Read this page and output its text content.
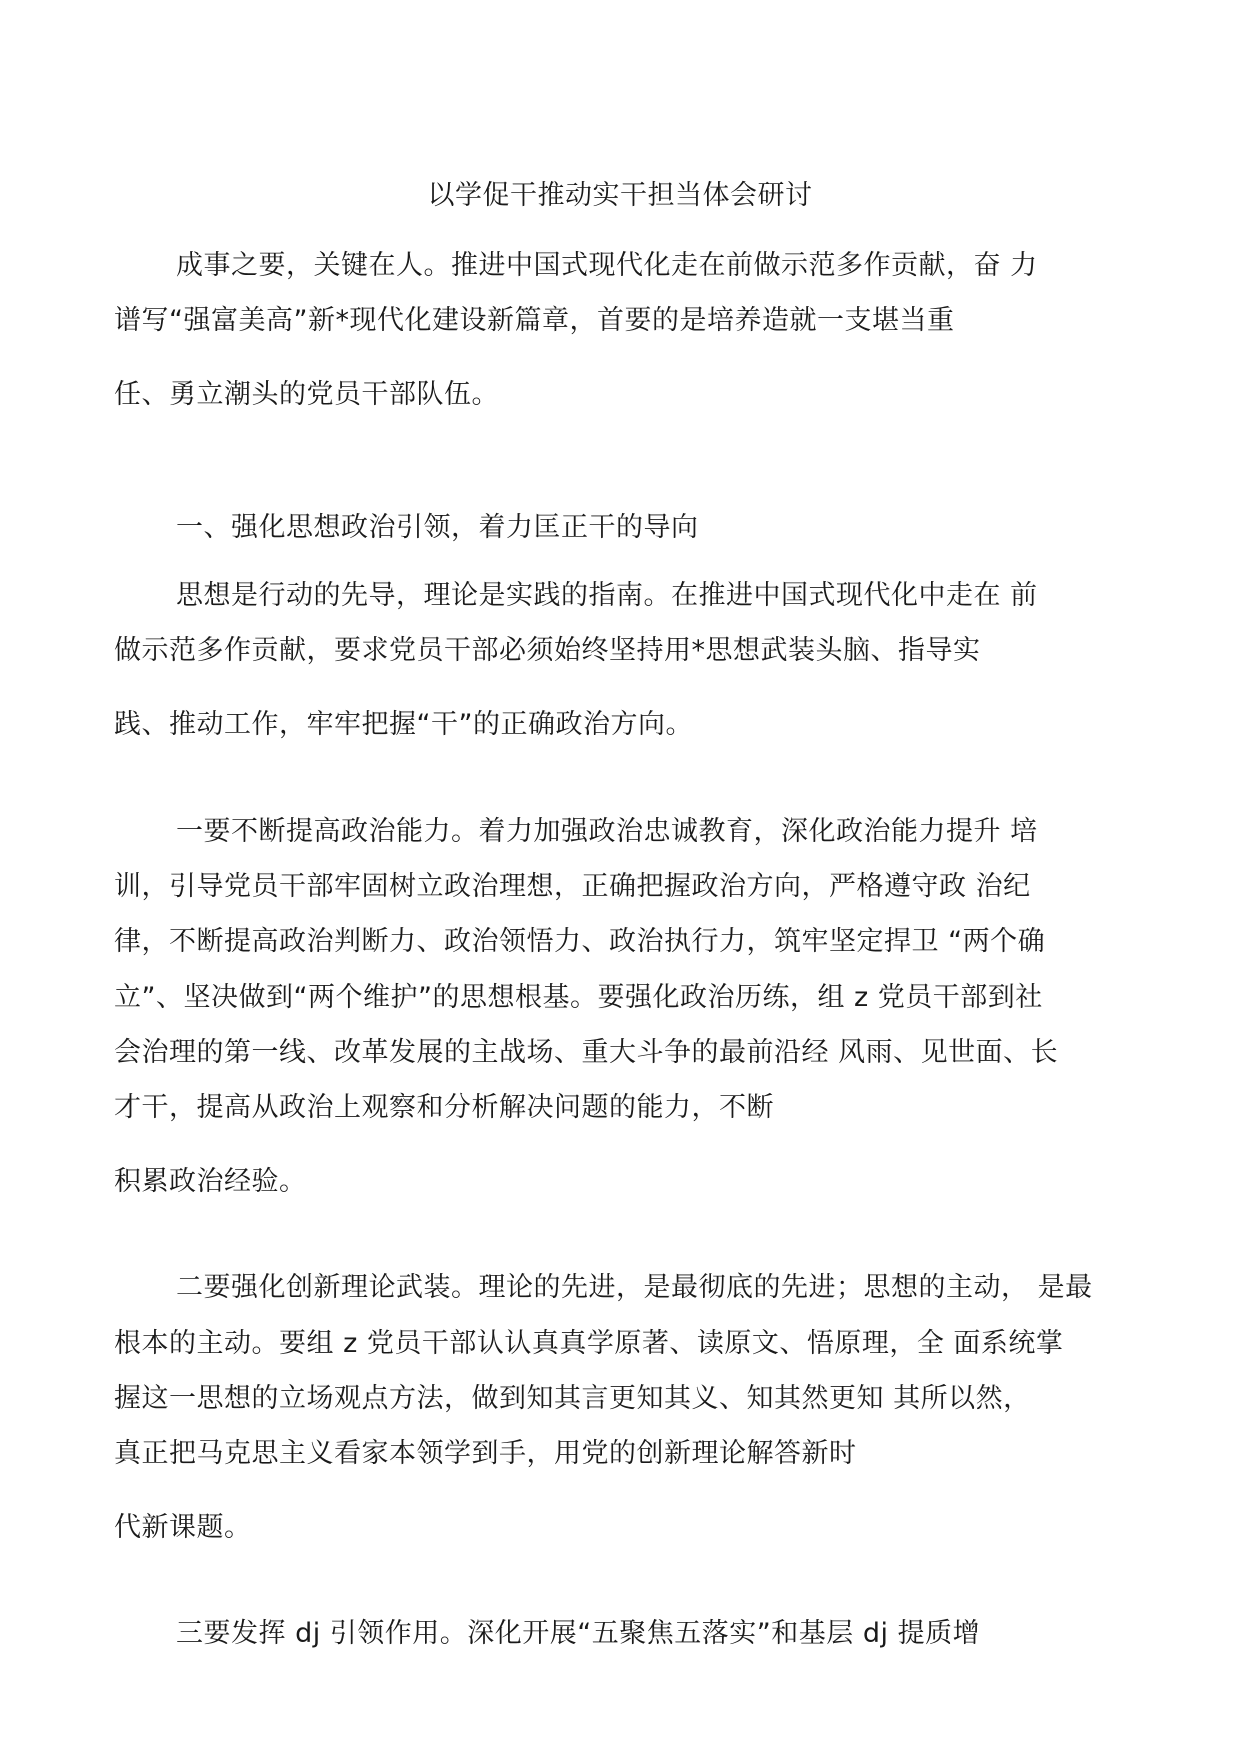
以学促干推动实干担当体会研讨
成事之要，关键在人。推进中国式现代化走在前做示范多作贡献，奋 力
谱写“强富美高”新*现代化建设新篇章，首要的是培养造就一支堪当重
任、勇立潮头的党员干部队伍。
一、强化思想政治引领，着力匡正干的导向
思想是行动的先导，理论是实践的指南。在推进中国式现代化中走在 前
做示范多作贡献，要求党员干部必须始终坚持用*思想武装头脑、指导实
践、推动工作，牢牢把握“干”的正确政治方向。
一要不断提高政治能力。着力加强政治忠诚教育，深化政治能力提升 培
训，引导党员干部牢固树立政治理想，正确把握政治方向，严格遵守政 治纪
律，不断提高政治判断力、政治领悟力、政治执行力，筑牢坚定捍卫 “两个确
立”、坚决做到“两个维护”的思想根基。要强化政治历练，组 z 党员干部到社
会治理的第一线、改革发展的主战场、重大斗争的最前沿经 风雨、见世面、长
才干，提高从政治上观察和分析解决问题的能力，不断
积累政治经验。
二要强化创新理论武装。理论的先进，是最彻底的先进；思想的主动， 是最
根本的主动。要组 z 党员干部认认真真学原著、读原文、悟原理，全 面系统掌
握这一思想的立场观点方法，做到知其言更知其义、知其然更知 其所以然，
真正把马克思主义看家本领学到手，用党的创新理论解答新时
代新课题。
三要发挥 dj 引领作用。深化开展“五聚焦五落实”和基层 dj 提质增
